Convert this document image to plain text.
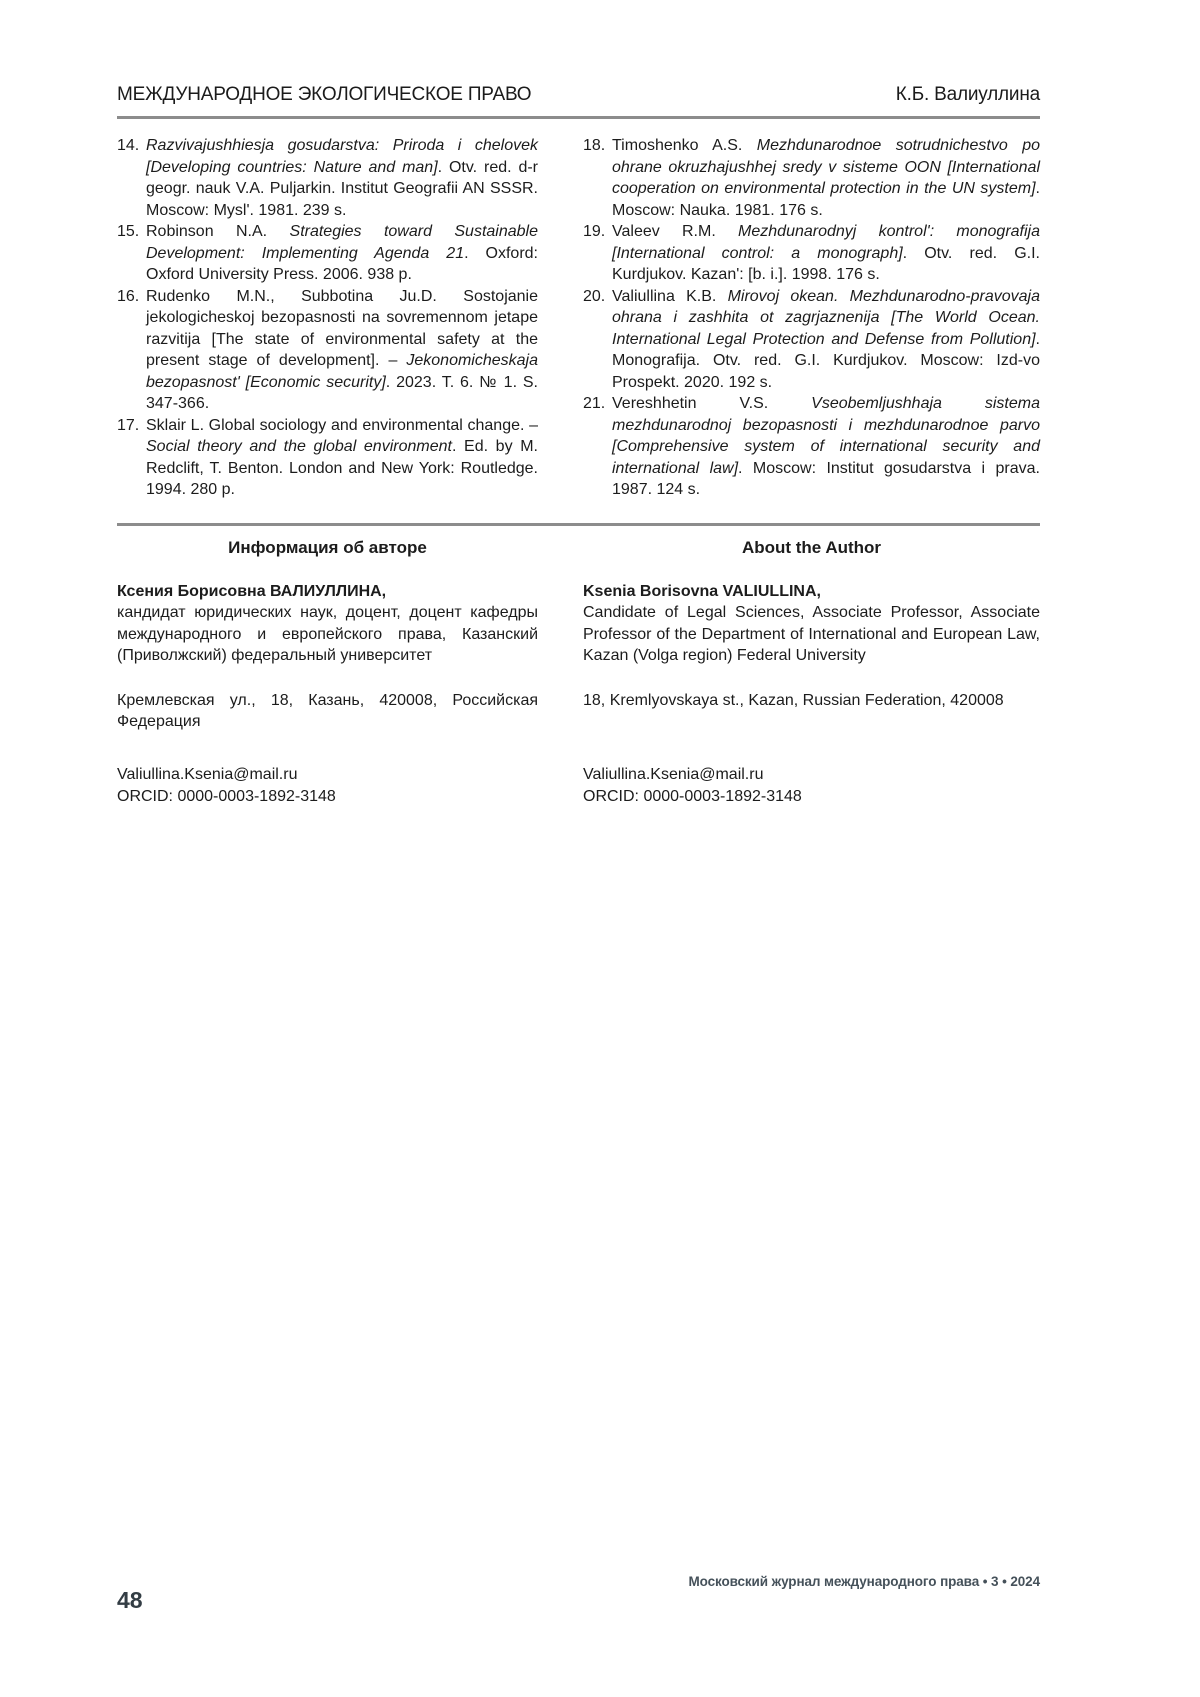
МЕЖДУНАРОДНОЕ ЭКОЛОГИЧЕСКОЕ ПРАВО	К.Б. Валиуллина
14. Razvivajushhiesja gosudarstva: Priroda i chelovek [Developing countries: Nature and man]. Otv. red. d-r geogr. nauk V.A. Puljarkin. Institut Geografii AN SSSR. Moscow: Mysl'. 1981. 239 s.
15. Robinson N.A. Strategies toward Sustainable Development: Implementing Agenda 21. Oxford: Oxford University Press. 2006. 938 p.
16. Rudenko M.N., Subbotina Ju.D. Sostojanie jekologicheskoj bezopasnosti na sovremennom jetape razvitija [The state of environmental safety at the present stage of development]. – Jekonomicheskaja bezopasnost' [Economic security]. 2023. T. 6. № 1. S. 347-366.
17. Sklair L. Global sociology and environmental change. – Social theory and the global environment. Ed. by M. Redclift, T. Benton. London and New York: Routledge. 1994. 280 p.
18. Timoshenko A.S. Mezhdunarodnoe sotrudnichestvo po ohrane okruzhajushhej sredy v sisteme OON [International cooperation on environmental protection in the UN system]. Moscow: Nauka. 1981. 176 s.
19. Valeev R.M. Mezhdunarodnyj kontrol': monografija [International control: a monograph]. Otv. red. G.I. Kurdjukov. Kazan': [b. i.]. 1998. 176 s.
20. Valiullina K.B. Mirovoj okean. Mezhdunarodno-pravovaja ohrana i zashhita ot zagrjaznenija [The World Ocean. International Legal Protection and Defense from Pollution]. Monografija. Otv. red. G.I. Kurdjukov. Moscow: Izd-vo Prospekt. 2020. 192 s.
21. Vereshhetin V.S. Vseobemljushhaja sistema mezhdunarodnoj bezopasnosti i mezhdunarodnoe parvo [Comprehensive system of international security and international law]. Moscow: Institut gosudarstva i prava. 1987. 124 s.
Информация об авторе	About the Author
Ксения Борисовна ВАЛИУЛЛИНА,
кандидат юридических наук, доцент, доцент кафедры международного и европейского права, Казанский (Приволжский) федеральный университет
Ksenia Borisovna VALIULLINA,
Candidate of Legal Sciences, Associate Professor, Associate Professor of the Department of International and European Law, Kazan (Volga region) Federal University
Кремлевская ул., 18, Казань, 420008, Российская Федерация
18, Kremlyovskaya st., Kazan, Russian Federation, 420008
Valiullina.Ksenia@mail.ru
ORCID: 0000-0003-1892-3148
Valiullina.Ksenia@mail.ru
ORCID: 0000-0003-1892-3148
Московский журнал международного права • 3 • 2024
48
